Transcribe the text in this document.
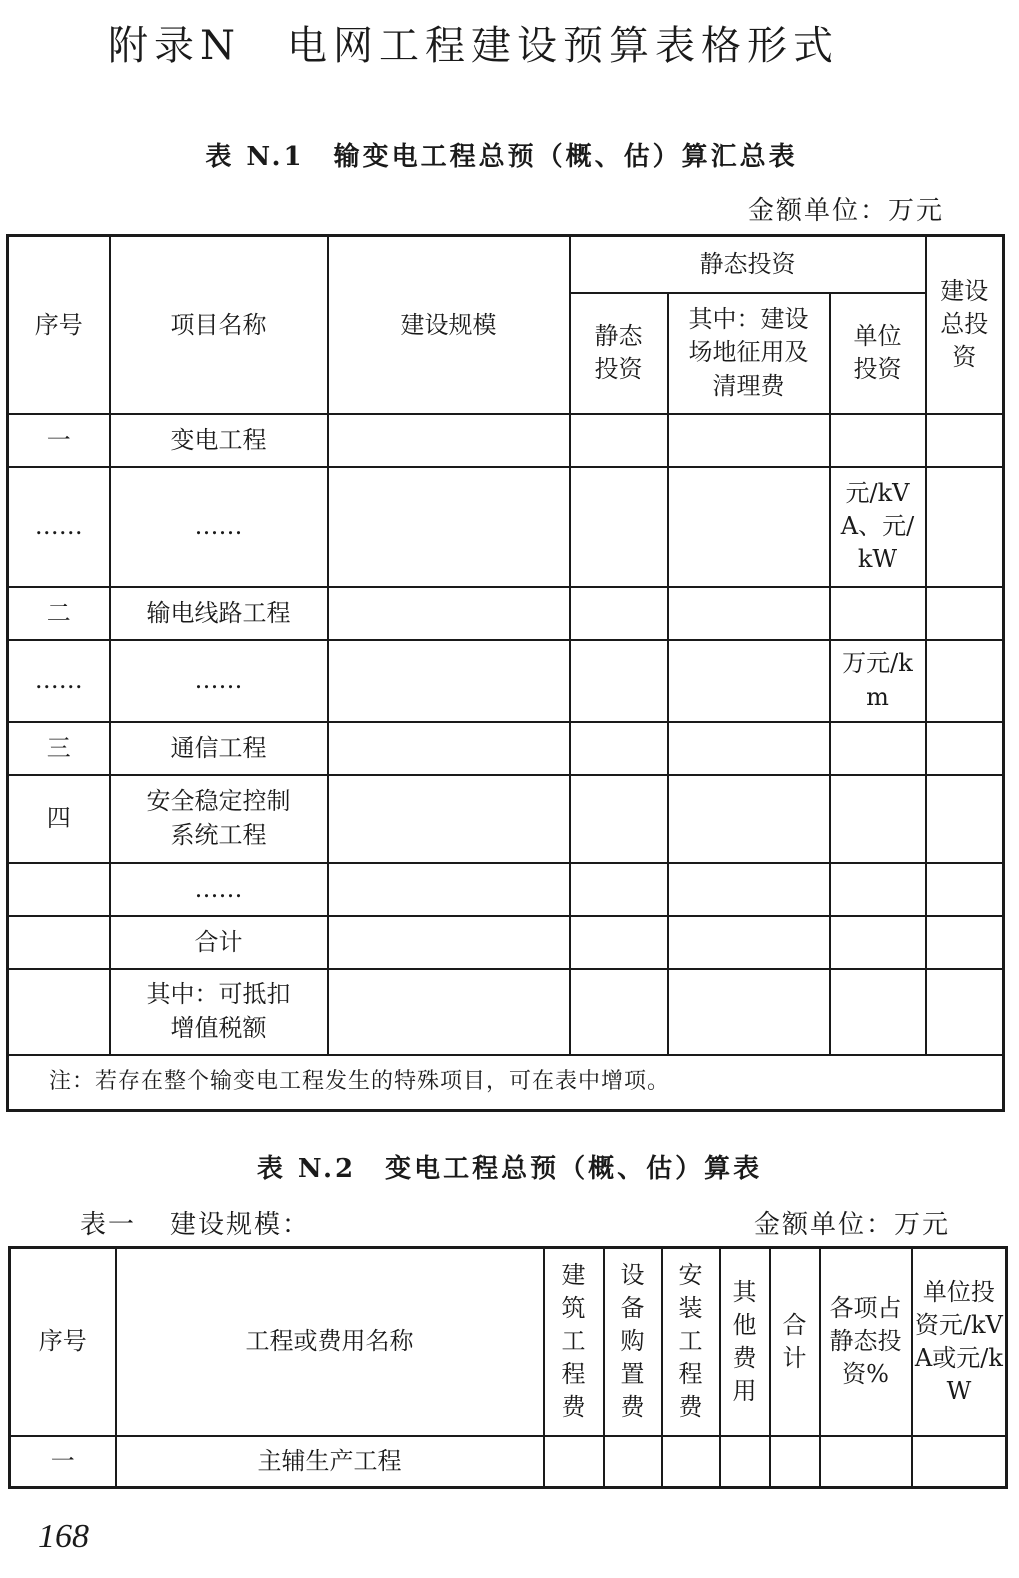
附录N　电网工程建设预算表格形式
表 N.1　输变电工程总预（概、估）算汇总表
金额单位：万元
序号	项目名称	建设规模	静态投资			建设总投资
			静态投资	其中：建设场地征用及清理费	单位投资	
一	变电工程					
……	……				元/kVA、元/kW	
二	输电线路工程					
……	……				万元/km	
三	通信工程					
四	安全稳定控制系统工程					
	……					
	合计					
	其中：可抵扣增值税额					
注：若存在整个输变电工程发生的特殊项目，可在表中增项。						
表 N.2　变电工程总预（概、估）算表
表一 建设规模：	金额单位：万元
序号	工程或费用名称	建筑工程费	设备购置费	安装工程费	其他费用	合计	各项占静态投资%	单位投资元/kVA或元/kW
一	主辅生产工程							
168
